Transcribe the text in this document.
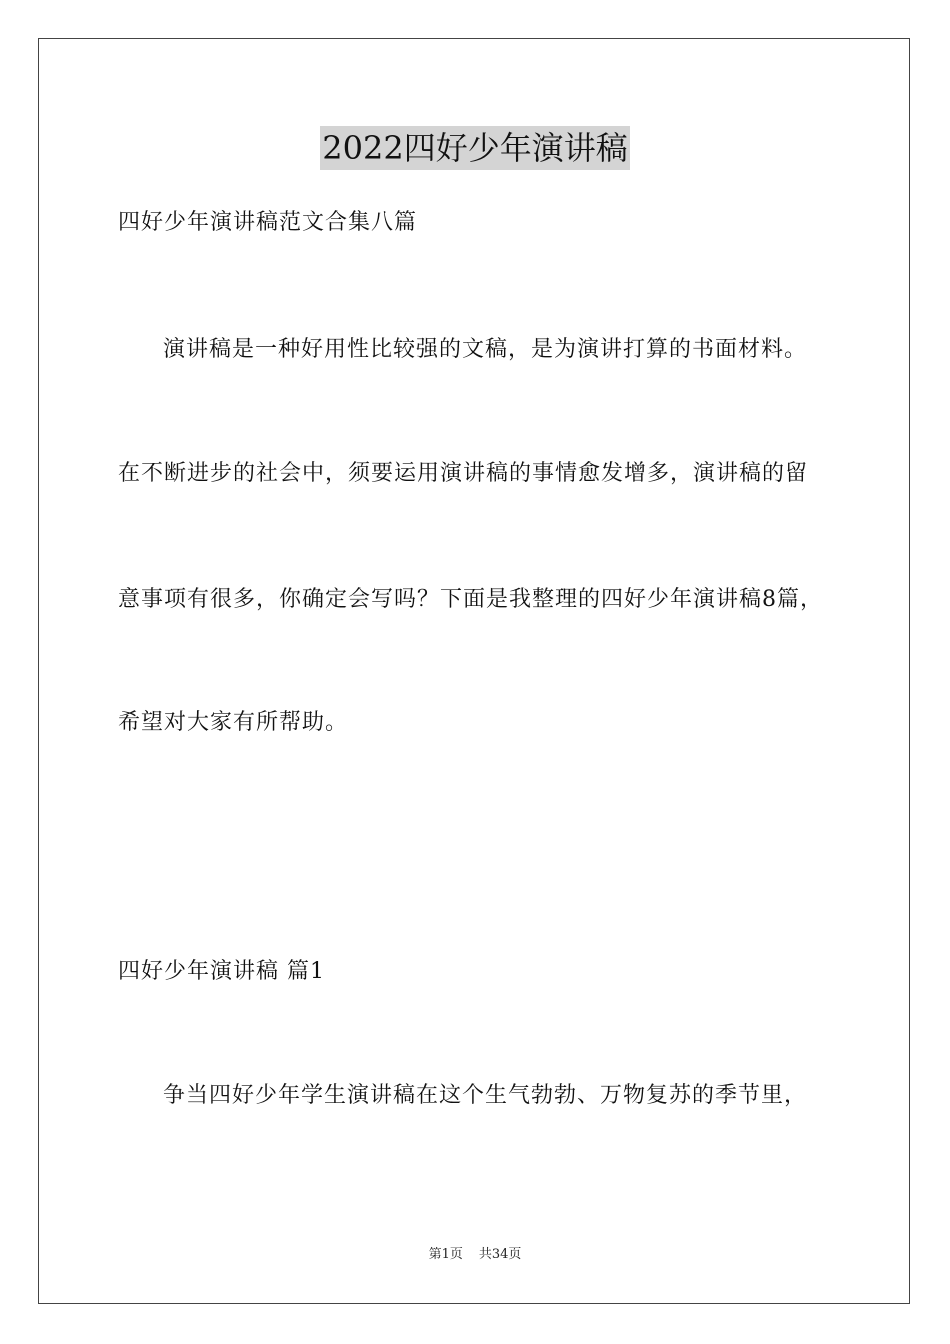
2022四好少年演讲稿
四好少年演讲稿范文合集八篇
演讲稿是一种好用性比较强的文稿，是为演讲打算的书面材料。
在不断进步的社会中，须要运用演讲稿的事情愈发增多，演讲稿的留
意事项有很多，你确定会写吗？下面是我整理的四好少年演讲稿8篇，
希望对大家有所帮助。
四好少年演讲稿 篇1
争当四好少年学生演讲稿在这个生气勃勃、万物复苏的季节里，
第1页 共34页
